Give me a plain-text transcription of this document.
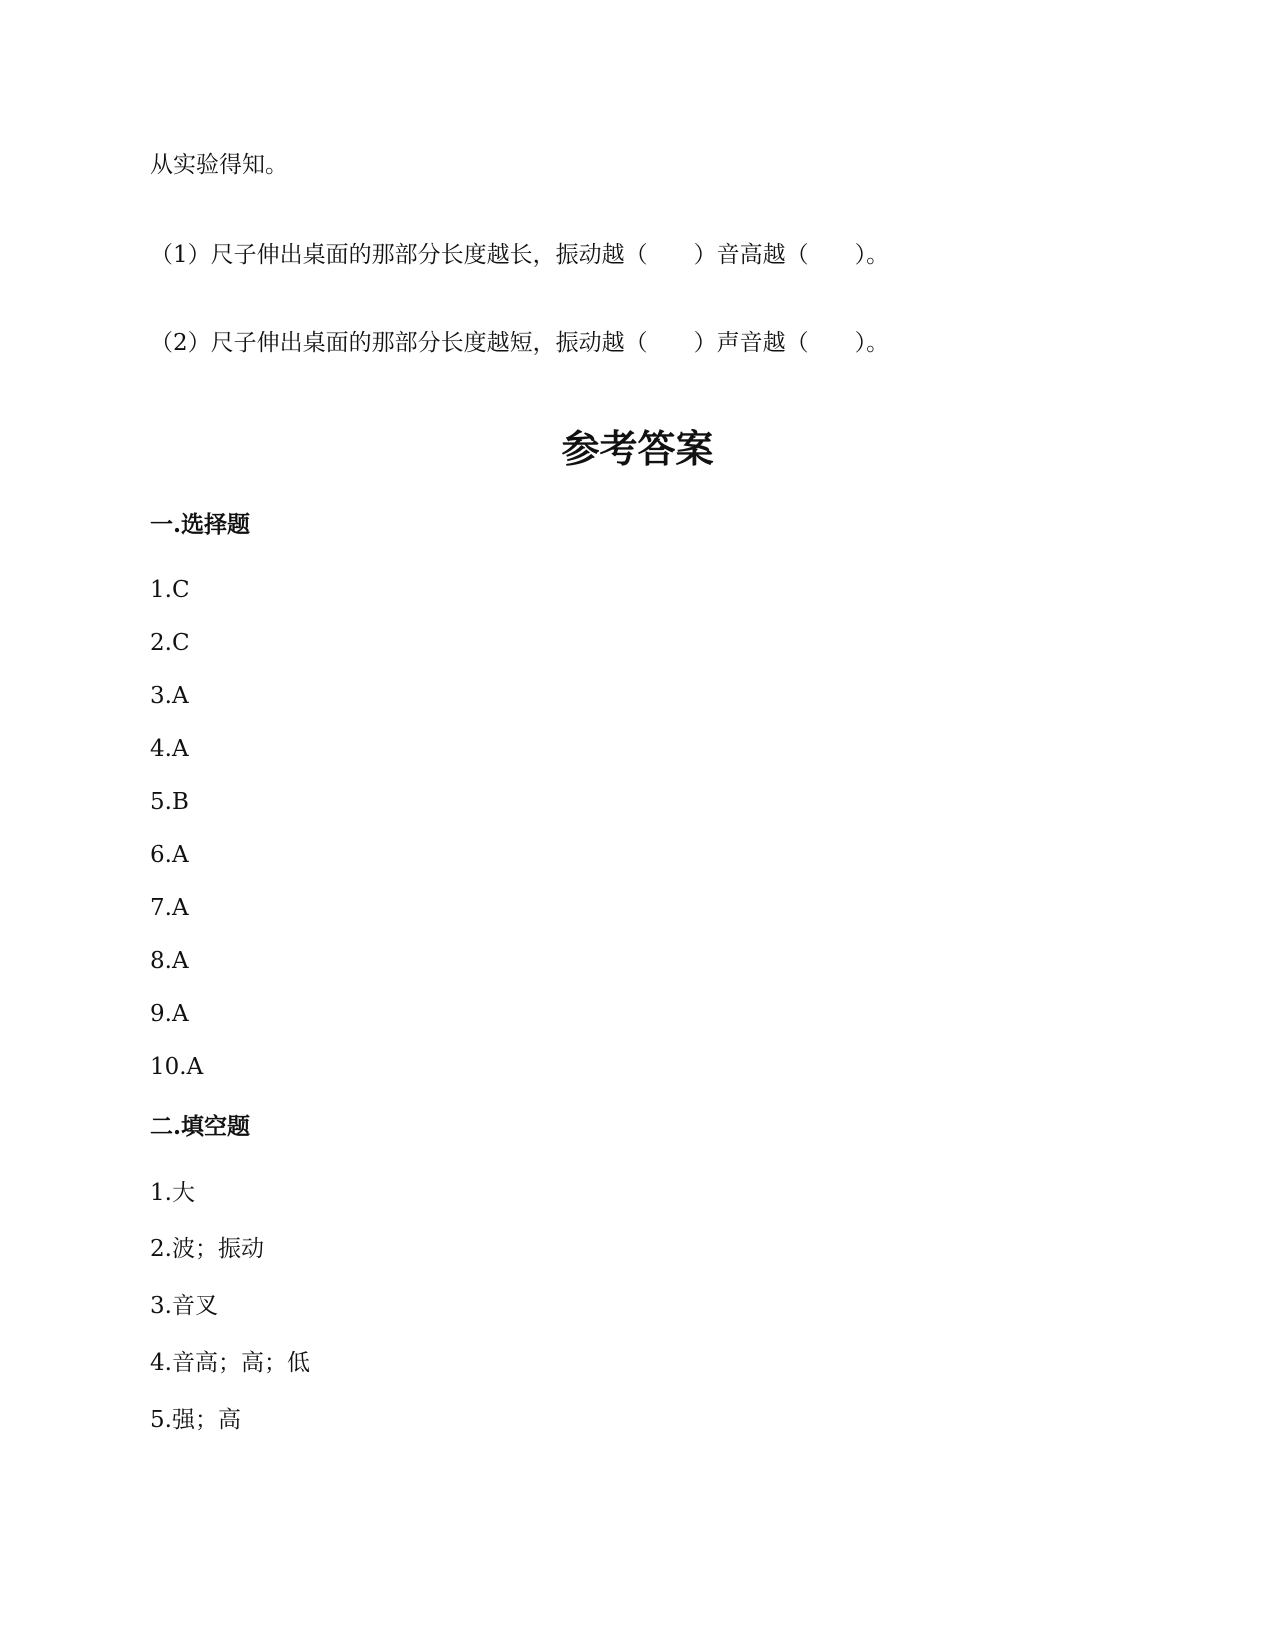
从实验得知。
（1）尺子伸出桌面的那部分长度越长，振动越（　　）音高越（　　）。
（2）尺子伸出桌面的那部分长度越短，振动越（　　）声音越（　　）。
参考答案
一.选择题
1.C
2.C
3.A
4.A
5.B
6.A
7.A
8.A
9.A
10.A
二.填空题
1.大
2.波；振动
3.音叉
4.音高；高；低
5.强；高
